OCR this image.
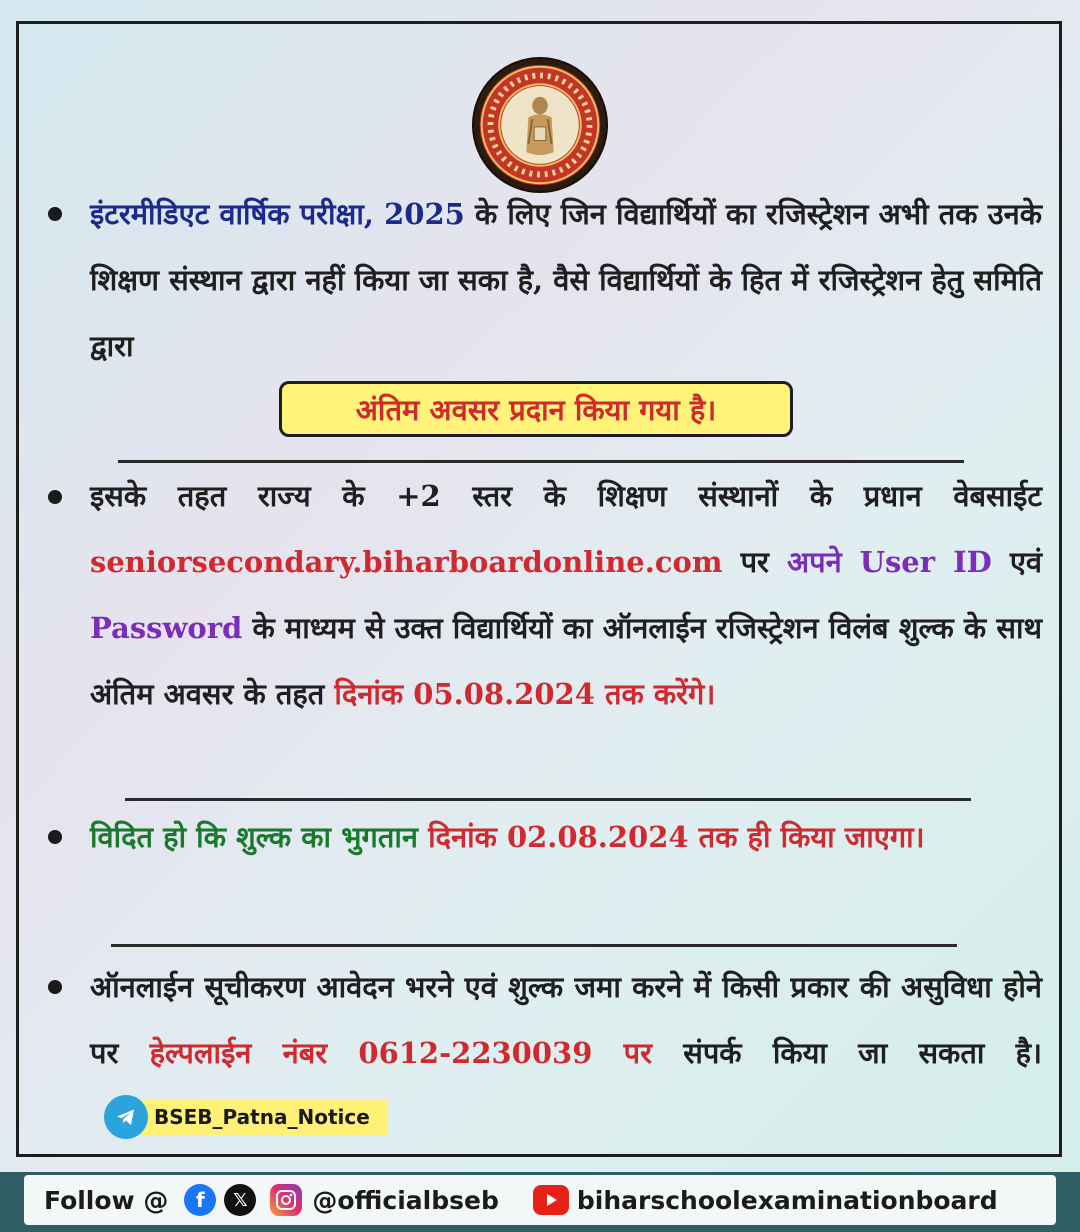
इंटरमीडिएट वार्षिक परीक्षा, 2025 के लिए जिन विद्यार्थियों का रजिस्ट्रेशन अभी तक उनके शिक्षण संस्थान द्वारा नहीं किया जा सका है, वैसे विद्यार्थियों के हित में रजिस्ट्रेशन हेतु समिति द्वारा
अंतिम अवसर प्रदान किया गया है।
इसके तहत राज्य के +2 स्तर के शिक्षण संस्थानों के प्रधान वेबसाईट seniorsecondary.biharboardonline.com पर अपने User ID एवं Password के माध्यम से उक्त विद्यार्थियों का ऑनलाईन रजिस्ट्रेशन विलंब शुल्क के साथ अंतिम अवसर के तहत दिनांक 05.08.2024 तक करेंगे।
विदित हो कि शुल्क का भुगतान दिनांक 02.08.2024 तक ही किया जाएगा।
ऑनलाईन सूचीकरण आवेदन भरने एवं शुल्क जमा करने में किसी प्रकार की असुविधा होने पर हेल्पलाईन नंबर 0612-2230039 पर संपर्क किया जा सकता है।
BSEB_Patna_Notice
Follow @	f	𝕏	@officialbseb	biharschoolexaminationboard
